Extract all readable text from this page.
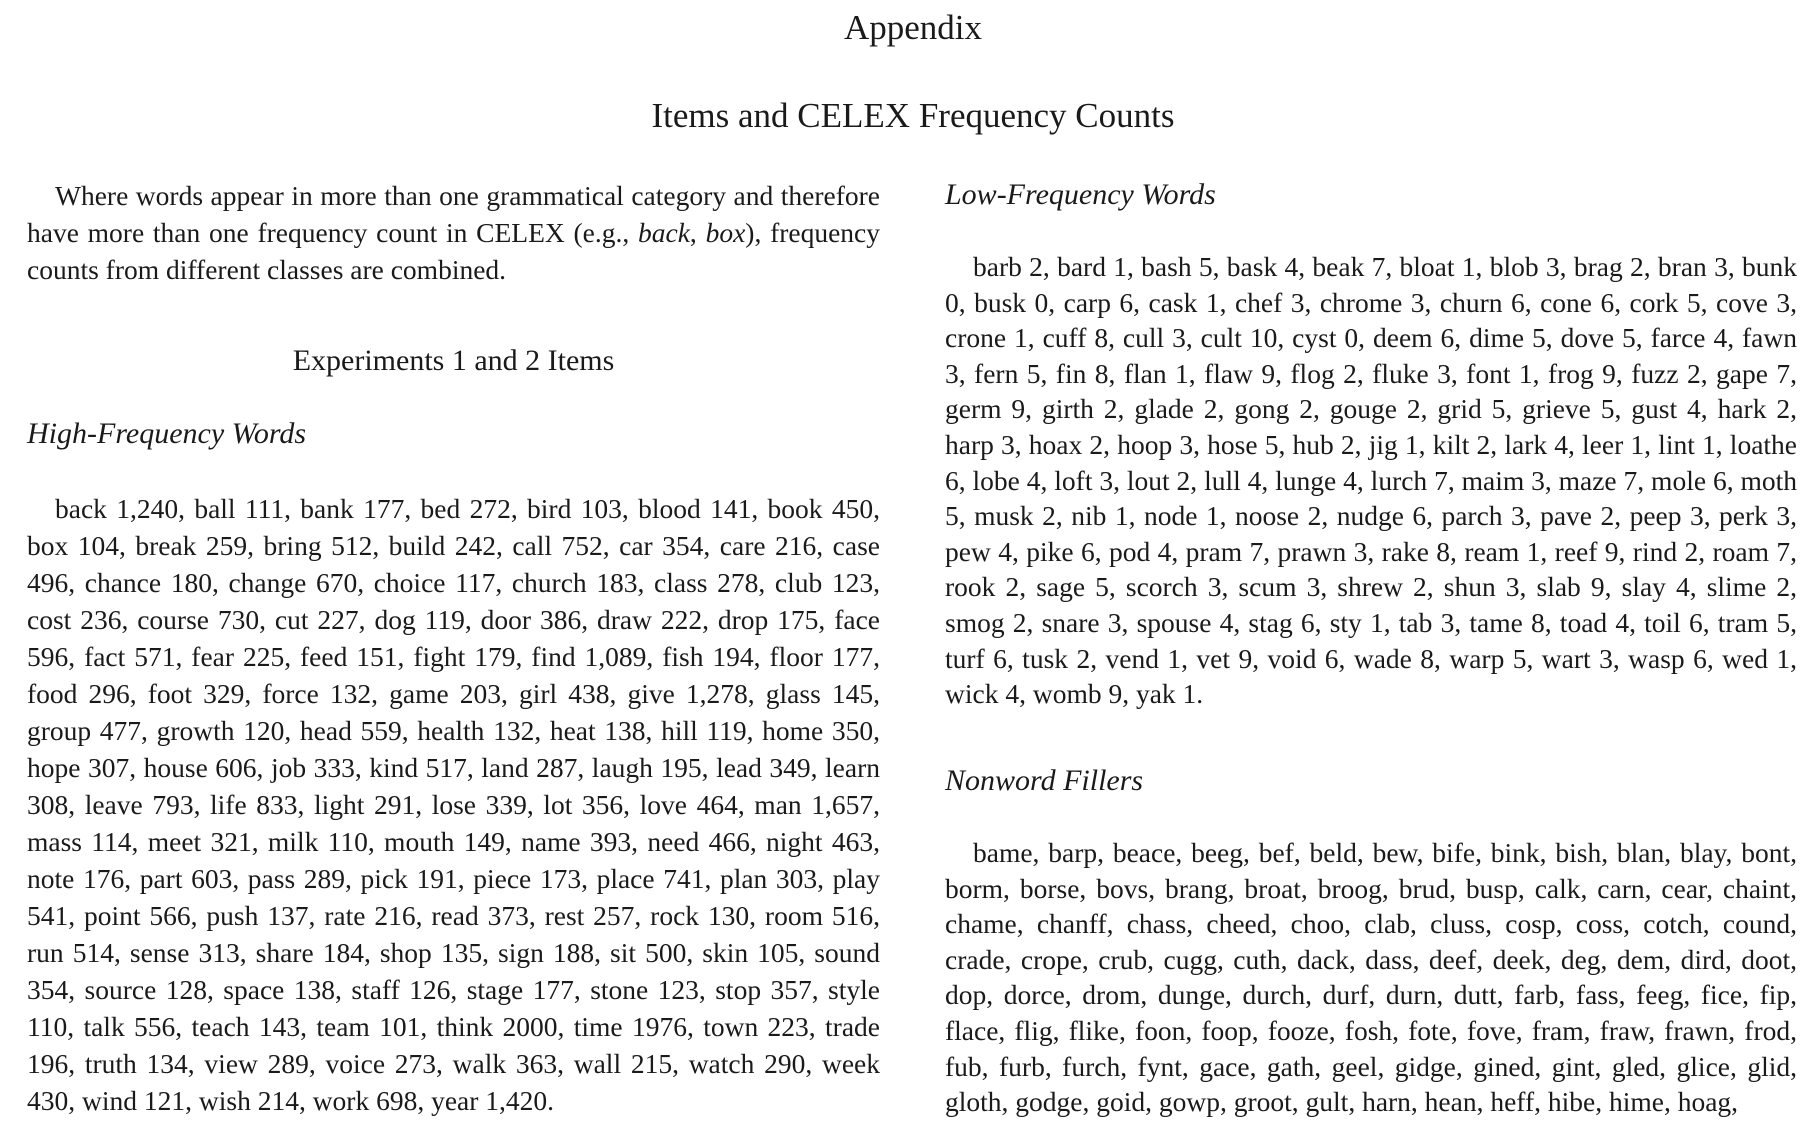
Appendix
Items and CELEX Frequency Counts

Where words appear in more than one grammatical category and therefore have more than one frequency count in CELEX (e.g., back, box), frequency counts from different classes are combined.

Experiments 1 and 2 Items
High-Frequency Words

back 1,240, ball 111, bank 177, bed 272, bird 103, blood 141, book 450, box 104, break 259, bring 512, build 242, call 752, car 354, care 216, case 496, chance 180, change 670, choice 117, church 183, class 278, club 123, cost 236, course 730, cut 227, dog 119, door 386, draw 222, drop 175, face 596, fact 571, fear 225, feed 151, fight 179, find 1,089, fish 194, floor 177, food 296, foot 329, force 132, game 203, girl 438, give 1,278, glass 145, group 477, growth 120, head 559, health 132, heat 138, hill 119, home 350, hope 307, house 606, job 333, kind 517, land 287, laugh 195, lead 349, learn 308, leave 793, life 833, light 291, lose 339, lot 356, love 464, man 1,657, mass 114, meet 321, milk 110, mouth 149, name 393, need 466, night 463, note 176, part 603, pass 289, pick 191, piece 173, place 741, plan 303, play 541, point 566, push 137, rate 216, read 373, rest 257, rock 130, room 516, run 514, sense 313, share 184, shop 135, sign 188, sit 500, skin 105, sound 354, source 128, space 138, staff 126, stage 177, stone 123, stop 357, style 110, talk 556, teach 143, team 101, think 2000, time 1976, town 223, trade 196, truth 134, view 289, voice 273, walk 363, wall 215, watch 290, week 430, wind 121, wish 214, work 698, year 1,420.

Low-Frequency Words

barb 2, bard 1, bash 5, bask 4, beak 7, bloat 1, blob 3, brag 2, bran 3, bunk 0, busk 0, carp 6, cask 1, chef 3, chrome 3, churn 6, cone 6, cork 5, cove 3, crone 1, cuff 8, cull 3, cult 10, cyst 0, deem 6, dime 5, dove 5, farce 4, fawn 3, fern 5, fin 8, flan 1, flaw 9, flog 2, fluke 3, font 1, frog 9, fuzz 2, gape 7, germ 9, girth 2, glade 2, gong 2, gouge 2, grid 5, grieve 5, gust 4, hark 2, harp 3, hoax 2, hoop 3, hose 5, hub 2, jig 1, kilt 2, lark 4, leer 1, lint 1, loathe 6, lobe 4, loft 3, lout 2, lull 4, lunge 4, lurch 7, maim 3, maze 7, mole 6, moth 5, musk 2, nib 1, node 1, noose 2, nudge 6, parch 3, pave 2, peep 3, perk 3, pew 4, pike 6, pod 4, pram 7, prawn 3, rake 8, ream 1, reef 9, rind 2, roam 7, rook 2, sage 5, scorch 3, scum 3, shrew 2, shun 3, slab 9, slay 4, slime 2, smog 2, snare 3, spouse 4, stag 6, sty 1, tab 3, tame 8, toad 4, toil 6, tram 5, turf 6, tusk 2, vend 1, vet 9, void 6, wade 8, warp 5, wart 3, wasp 6, wed 1, wick 4, womb 9, yak 1.

Nonword Fillers

bame, barp, beace, beeg, bef, beld, bew, bife, bink, bish, blan, blay, bont, borm, borse, bovs, brang, broat, broog, brud, busp, calk, carn, cear, chaint, chame, chanff, chass, cheed, choo, clab, cluss, cosp, coss, cotch, cound, crade, crope, crub, cugg, cuth, dack, dass, deef, deek, deg, dem, dird, doot, dop, dorce, drom, dunge, durch, durf, durn, dutt, farb, fass, feeg, fice, fip, flace, flig, flike, foon, foop, fooze, fosh, fote, fove, fram, fraw, frawn, frod, fub, furb, furch, fynt, gace, gath, geel, gidge, gined, gint, gled, glice, glid, gloth, godge, goid, gowp, groot, gult, harn, hean, heff, hibe, hime, hoag,
